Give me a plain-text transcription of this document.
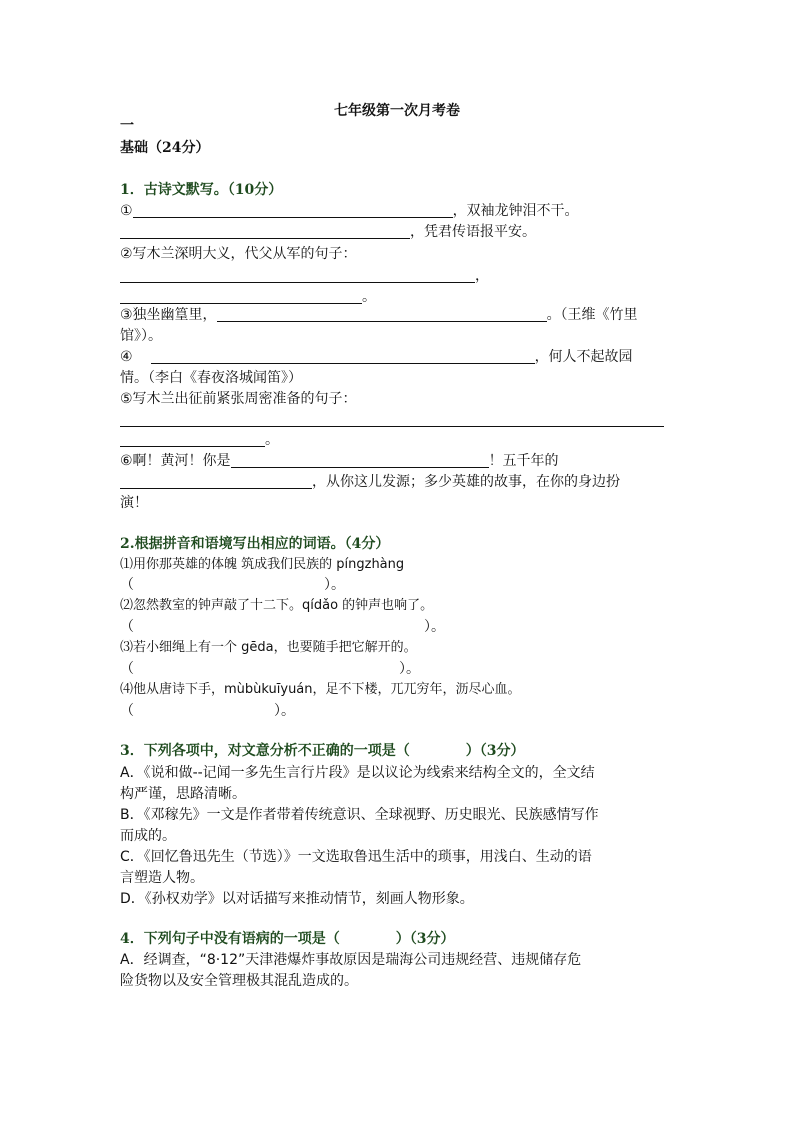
七年级第一次月考卷
一
基础（24分）
1．古诗文默写。（10分）
①	，双袖龙钟泪不干。
，凭君传语报平安。
②写木兰深明大义，代父从军的句子：
，
。
③独坐幽篁里，	。（王维《竹里
馆》）。
④	，何人不起故园
情。（李白《春夜洛城闻笛》）
⑤写木兰出征前紧张周密准备的句子：
。
⑥啊！黄河！你是	！五千年的
，从你这儿发源；多少英雄的故事，在你的身边扮
演！
2.根据拼音和语境写出相应的词语。（4分）
⑴用你那英雄的体魄 筑成我们民族的 píngzhàng
（	）。
⑵忽然教室的钟声敲了十二下。qídǎo 的钟声也响了。
（	）。
⑶若小细绳上有一个 gēda，也要随手把它解开的。
（	）。
⑷他从唐诗下手，mùbùkuīyuán，足不下楼，兀兀穷年，沥尽心血。
（	）。
3．下列各项中，对文意分析不正确的一项是（　　　　）（3分）
A．《说和做--记闻一多先生言行片段》是以议论为线索来结构全文的，全文结
构严谨，思路清晰。
B．《邓稼先》一文是作者带着传统意识、全球视野、历史眼光、民族感情写作
而成的。
C．《回忆鲁迅先生（节选）》一文选取鲁迅生活中的琐事，用浅白、生动的语
言塑造人物。
D．《孙权劝学》以对话描写来推动情节，刻画人物形象。
4．下列句子中没有语病的一项是（　　　　）（3分）
A．经调查，“8·12”天津港爆炸事故原因是瑞海公司违规经营、违规储存危
险货物以及安全管理极其混乱造成的。
